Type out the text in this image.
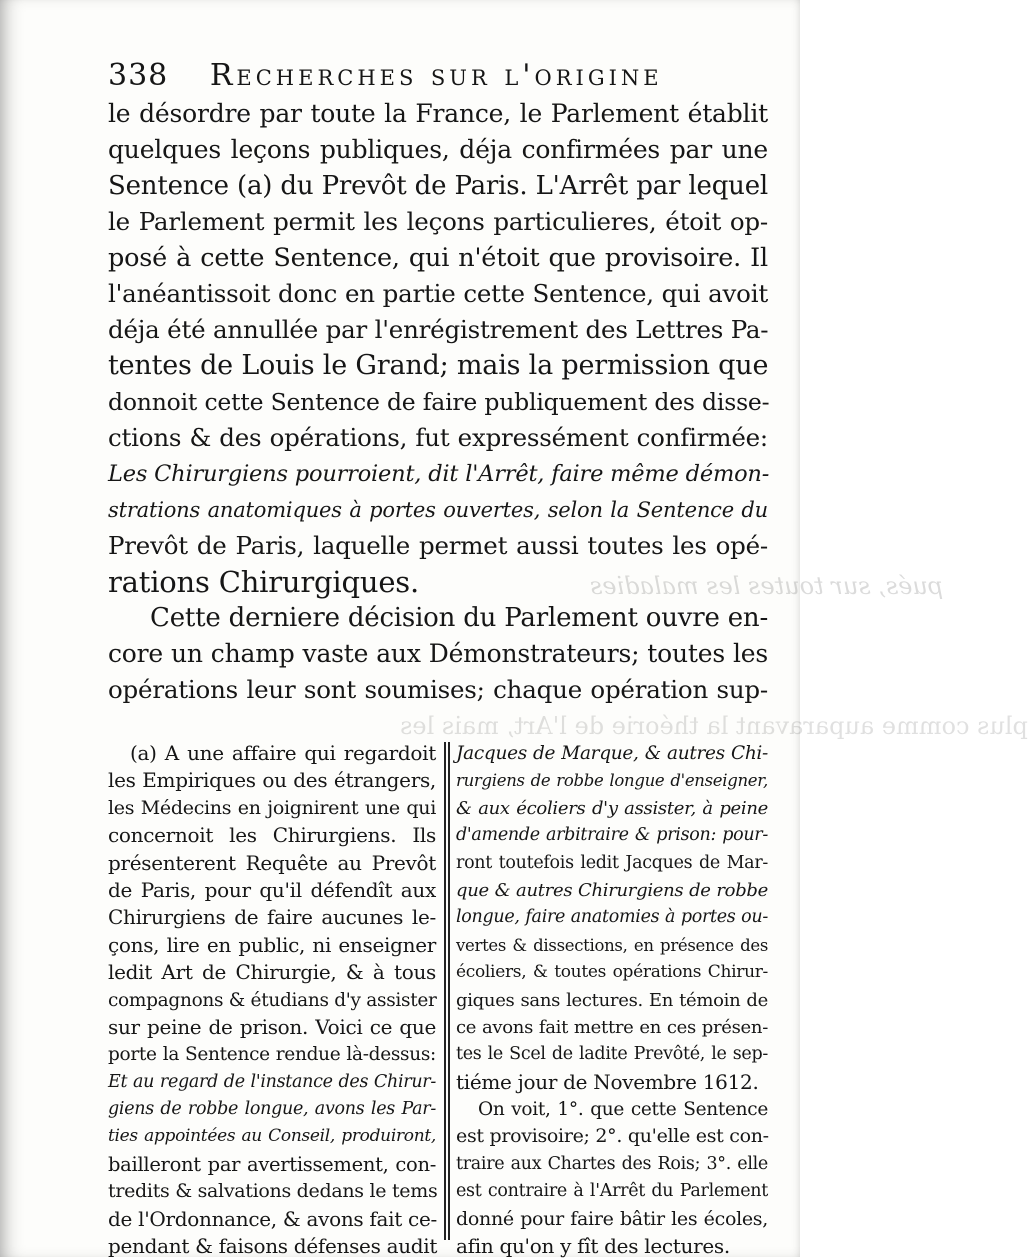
pués, sur toutes les maladies
plus comme auparavant la théorie de l'Art, mais les
338 Recherches sur l'origine
le désordre par toute la France, le Parlement établit
quelques leçons publiques, déja confirmées par une
Sentence (a) du Prevôt de Paris. L'Arrêt par lequel
le Parlement permit les leçons particulieres, étoit op-
posé à cette Sentence, qui n'étoit que provisoire. Il
l'anéantissoit donc en partie cette Sentence, qui avoit
déja été annullée par l'enrégistrement des Lettres Pa-
tentes de Louis le Grand; mais la permission que
donnoit cette Sentence de faire publiquement des disse-
ctions & des opérations, fut expressément confirmée:
Les Chirurgiens pourroient, dit l'Arrêt, faire même démon-
strations anatomiques à portes ouvertes, selon la Sentence du
Prevôt de Paris, laquelle permet aussi toutes les opé-
rations Chirurgiques.
Cette derniere décision du Parlement ouvre en-
core un champ vaste aux Démonstrateurs; toutes les
opérations leur sont soumises; chaque opération sup-
(a) A une affaire qui regardoit
les Empiriques ou des étrangers,
les Médecins en joignirent une qui
concernoit les Chirurgiens. Ils
présenterent Requête au Prevôt
de Paris, pour qu'il défendît aux
Chirurgiens de faire aucunes le-
çons, lire en public, ni enseigner
ledit Art de Chirurgie, & à tous
compagnons & étudians d'y assister
sur peine de prison. Voici ce que
porte la Sentence rendue là-dessus:
Et au regard de l'instance des Chirur-
giens de robbe longue, avons les Par-
ties appointées au Conseil, produiront,
bailleront par avertissement, con-
tredits & salvations dedans le tems
de l'Ordonnance, & avons fait ce-
pendant & faisons défenses audit
Jacques de Marque, & autres Chi-
rurgiens de robbe longue d'enseigner,
& aux écoliers d'y assister, à peine
d'amende arbitraire & prison: pour-
ront toutefois ledit Jacques de Mar-
que & autres Chirurgiens de robbe
longue, faire anatomies à portes ou-
vertes & dissections, en présence des
écoliers, & toutes opérations Chirur-
giques sans lectures. En témoin de
ce avons fait mettre en ces présen-
tes le Scel de ladite Prevôté, le sep-
tiéme jour de Novembre 1612.
On voit, 1°. que cette Sentence
est provisoire; 2°. qu'elle est con-
traire aux Chartes des Rois; 3°. elle
est contraire à l'Arrêt du Parlement
donné pour faire bâtir les écoles,
afin qu'on y fît des lectures.
